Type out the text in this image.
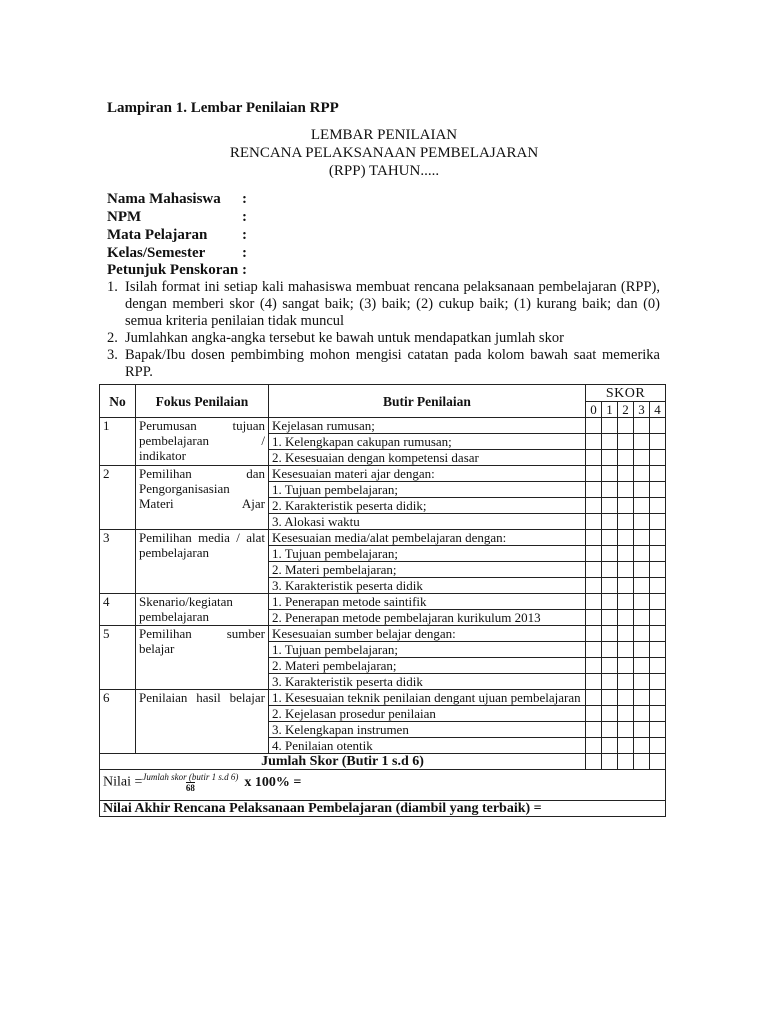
Lampiran 1. Lembar Penilaian RPP
LEMBAR PENILAIAN
RENCANA PELAKSANAAN PEMBELAJARAN
(RPP) TAHUN.....
Nama Mahasiswa	:
NPM	:
Mata Pelajaran	:
Kelas/Semester	:
Petunjuk Penskoran :
1. Isilah format ini setiap kali mahasiswa membuat rencana pelaksanaan pembelajaran (RPP), dengan memberi skor (4) sangat baik; (3) baik; (2) cukup baik; (1) kurang baik; dan (0) semua kriteria penilaian tidak muncul
2. Jumlahkan angka-angka tersebut ke bawah untuk mendapatkan jumlah skor
3. Bapak/Ibu dosen pembimbing mohon mengisi catatan pada kolom bawah saat memerika RPP.
No	Fokus Penilaian	Butir Penilaian	SKOR				
			0	1	2	3	4
1	Perumusan tujuan pembelajaran / indikator	Kejelasan rumusan;					
		1. Kelengkapan cakupan rumusan;					
		2. Kesesuaian dengan kompetensi dasar					
2	Pemilihan dan Pengorganisasian Materi Ajar	Kesesuaian materi ajar dengan:					
		1. Tujuan pembelajaran;					
		2. Karakteristik peserta didik;					
		3. Alokasi waktu					
3	Pemilihan media / alat pembelajaran	Kesesuaian media/alat pembelajaran dengan:					
		1. Tujuan pembelajaran;					
		2. Materi pembelajaran;					
		3. Karakteristik peserta didik					
4	Skenario/kegiatan pembelajaran	1. Penerapan metode saintifik					
		2. Penerapan metode pembelajaran kurikulum 2013					
5	Pemilihan sumber belajar	Kesesuaian sumber belajar dengan:					
		1. Tujuan pembelajaran;					
		2. Materi pembelajaran;					
		3. Karakteristik peserta didik					
6	Penilaian hasil belajar	1. Kesesuaian teknik penilaian dengant ujuan pembelajaran					
		2. Kejelasan prosedur penilaian					
		3. Kelengkapan instrumen					
		4. Penilaian otentik					
Jumlah Skor (Butir 1 s.d 6)							
Nilai = $\frac{\text{Jumlah skor (butir 1 s.d 6)}}{68}$ x 100% =							
Nilai Akhir Rencana Pelaksanaan Pembelajaran (diambil yang terbaik) =							
